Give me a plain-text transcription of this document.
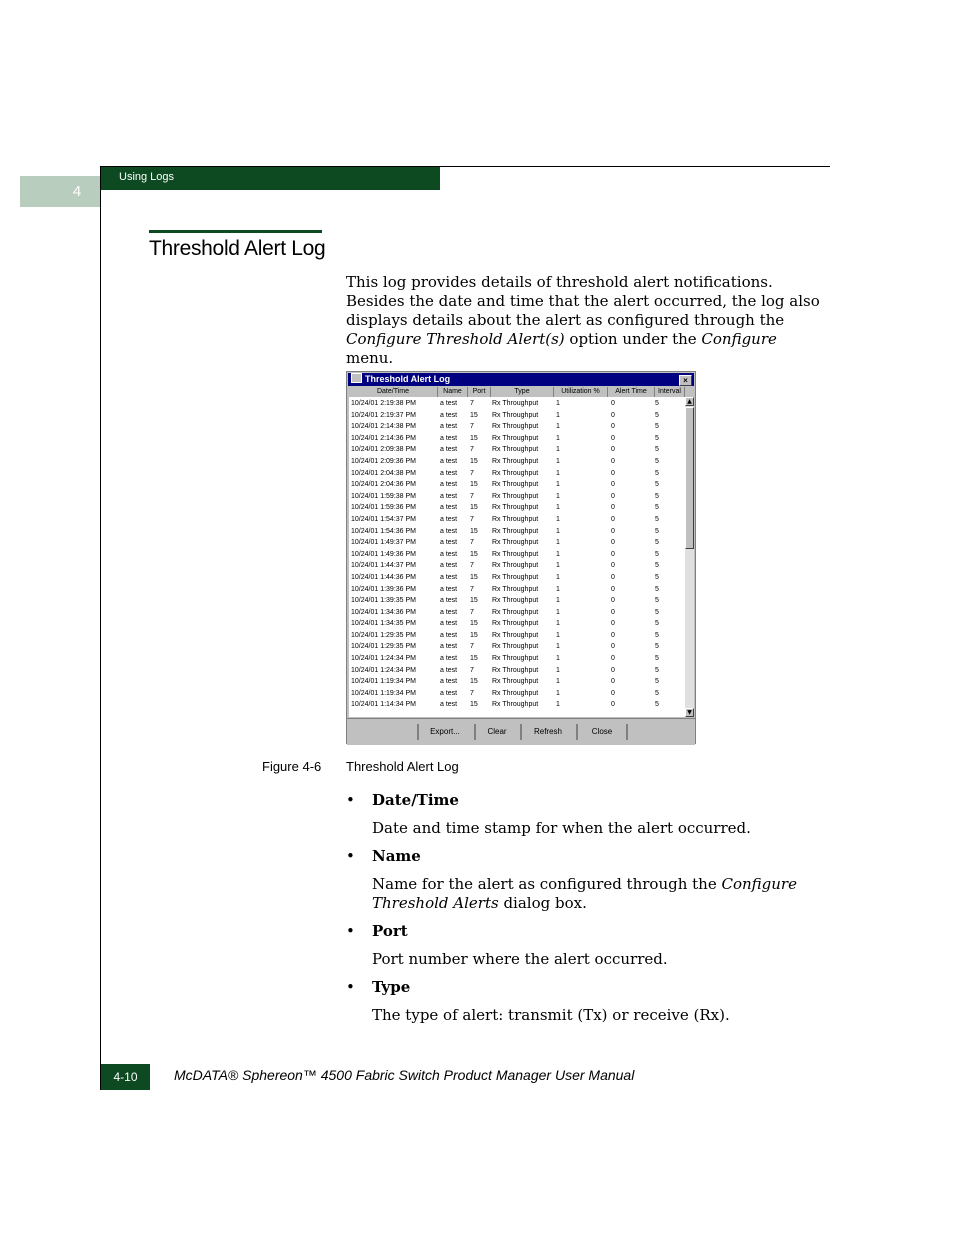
4
Using Logs
Threshold Alert Log
This log provides details of threshold alert notifications. Besides the date and time that the alert occurred, the log also displays details about the alert as configured through the Configure Threshold Alert(s) option under the Configure menu.
Threshold Alert Log	×
Date/Time	Name	Port	Type	Utilization %	Alert Time	Interval
10/24/01 2:19:38 PM	a test	7	Rx Throughput	1	0	5
10/24/01 2:19:37 PM	a test	15	Rx Throughput	1	0	5
10/24/01 2:14:38 PM	a test	7	Rx Throughput	1	0	5
10/24/01 2:14:36 PM	a test	15	Rx Throughput	1	0	5
10/24/01 2:09:38 PM	a test	7	Rx Throughput	1	0	5
10/24/01 2:09:36 PM	a test	15	Rx Throughput	1	0	5
10/24/01 2:04:38 PM	a test	7	Rx Throughput	1	0	5
10/24/01 2:04:36 PM	a test	15	Rx Throughput	1	0	5
10/24/01 1:59:38 PM	a test	7	Rx Throughput	1	0	5
10/24/01 1:59:36 PM	a test	15	Rx Throughput	1	0	5
10/24/01 1:54:37 PM	a test	7	Rx Throughput	1	0	5
10/24/01 1:54:36 PM	a test	15	Rx Throughput	1	0	5
10/24/01 1:49:37 PM	a test	7	Rx Throughput	1	0	5
10/24/01 1:49:36 PM	a test	15	Rx Throughput	1	0	5
10/24/01 1:44:37 PM	a test	7	Rx Throughput	1	0	5
10/24/01 1:44:36 PM	a test	15	Rx Throughput	1	0	5
10/24/01 1:39:36 PM	a test	7	Rx Throughput	1	0	5
10/24/01 1:39:35 PM	a test	15	Rx Throughput	1	0	5
10/24/01 1:34:36 PM	a test	7	Rx Throughput	1	0	5
10/24/01 1:34:35 PM	a test	15	Rx Throughput	1	0	5
10/24/01 1:29:35 PM	a test	15	Rx Throughput	1	0	5
10/24/01 1:29:35 PM	a test	7	Rx Throughput	1	0	5
10/24/01 1:24:34 PM	a test	15	Rx Throughput	1	0	5
10/24/01 1:24:34 PM	a test	7	Rx Throughput	1	0	5
10/24/01 1:19:34 PM	a test	15	Rx Throughput	1	0	5
10/24/01 1:19:34 PM	a test	7	Rx Throughput	1	0	5
10/24/01 1:14:34 PM	a test	15	Rx Throughput	1	0	5
▲
▼
Export...	Clear	Refresh	Close
Figure 4-6 Threshold Alert Log
• Date/Time
Date and time stamp for when the alert occurred.
• Name
Name for the alert as configured through the Configure Threshold Alerts dialog box.
• Port
Port number where the alert occurred.
• Type
The type of alert: transmit (Tx) or receive (Rx).
4-10	McDATA® Sphereon™ 4500 Fabric Switch Product Manager User Manual
